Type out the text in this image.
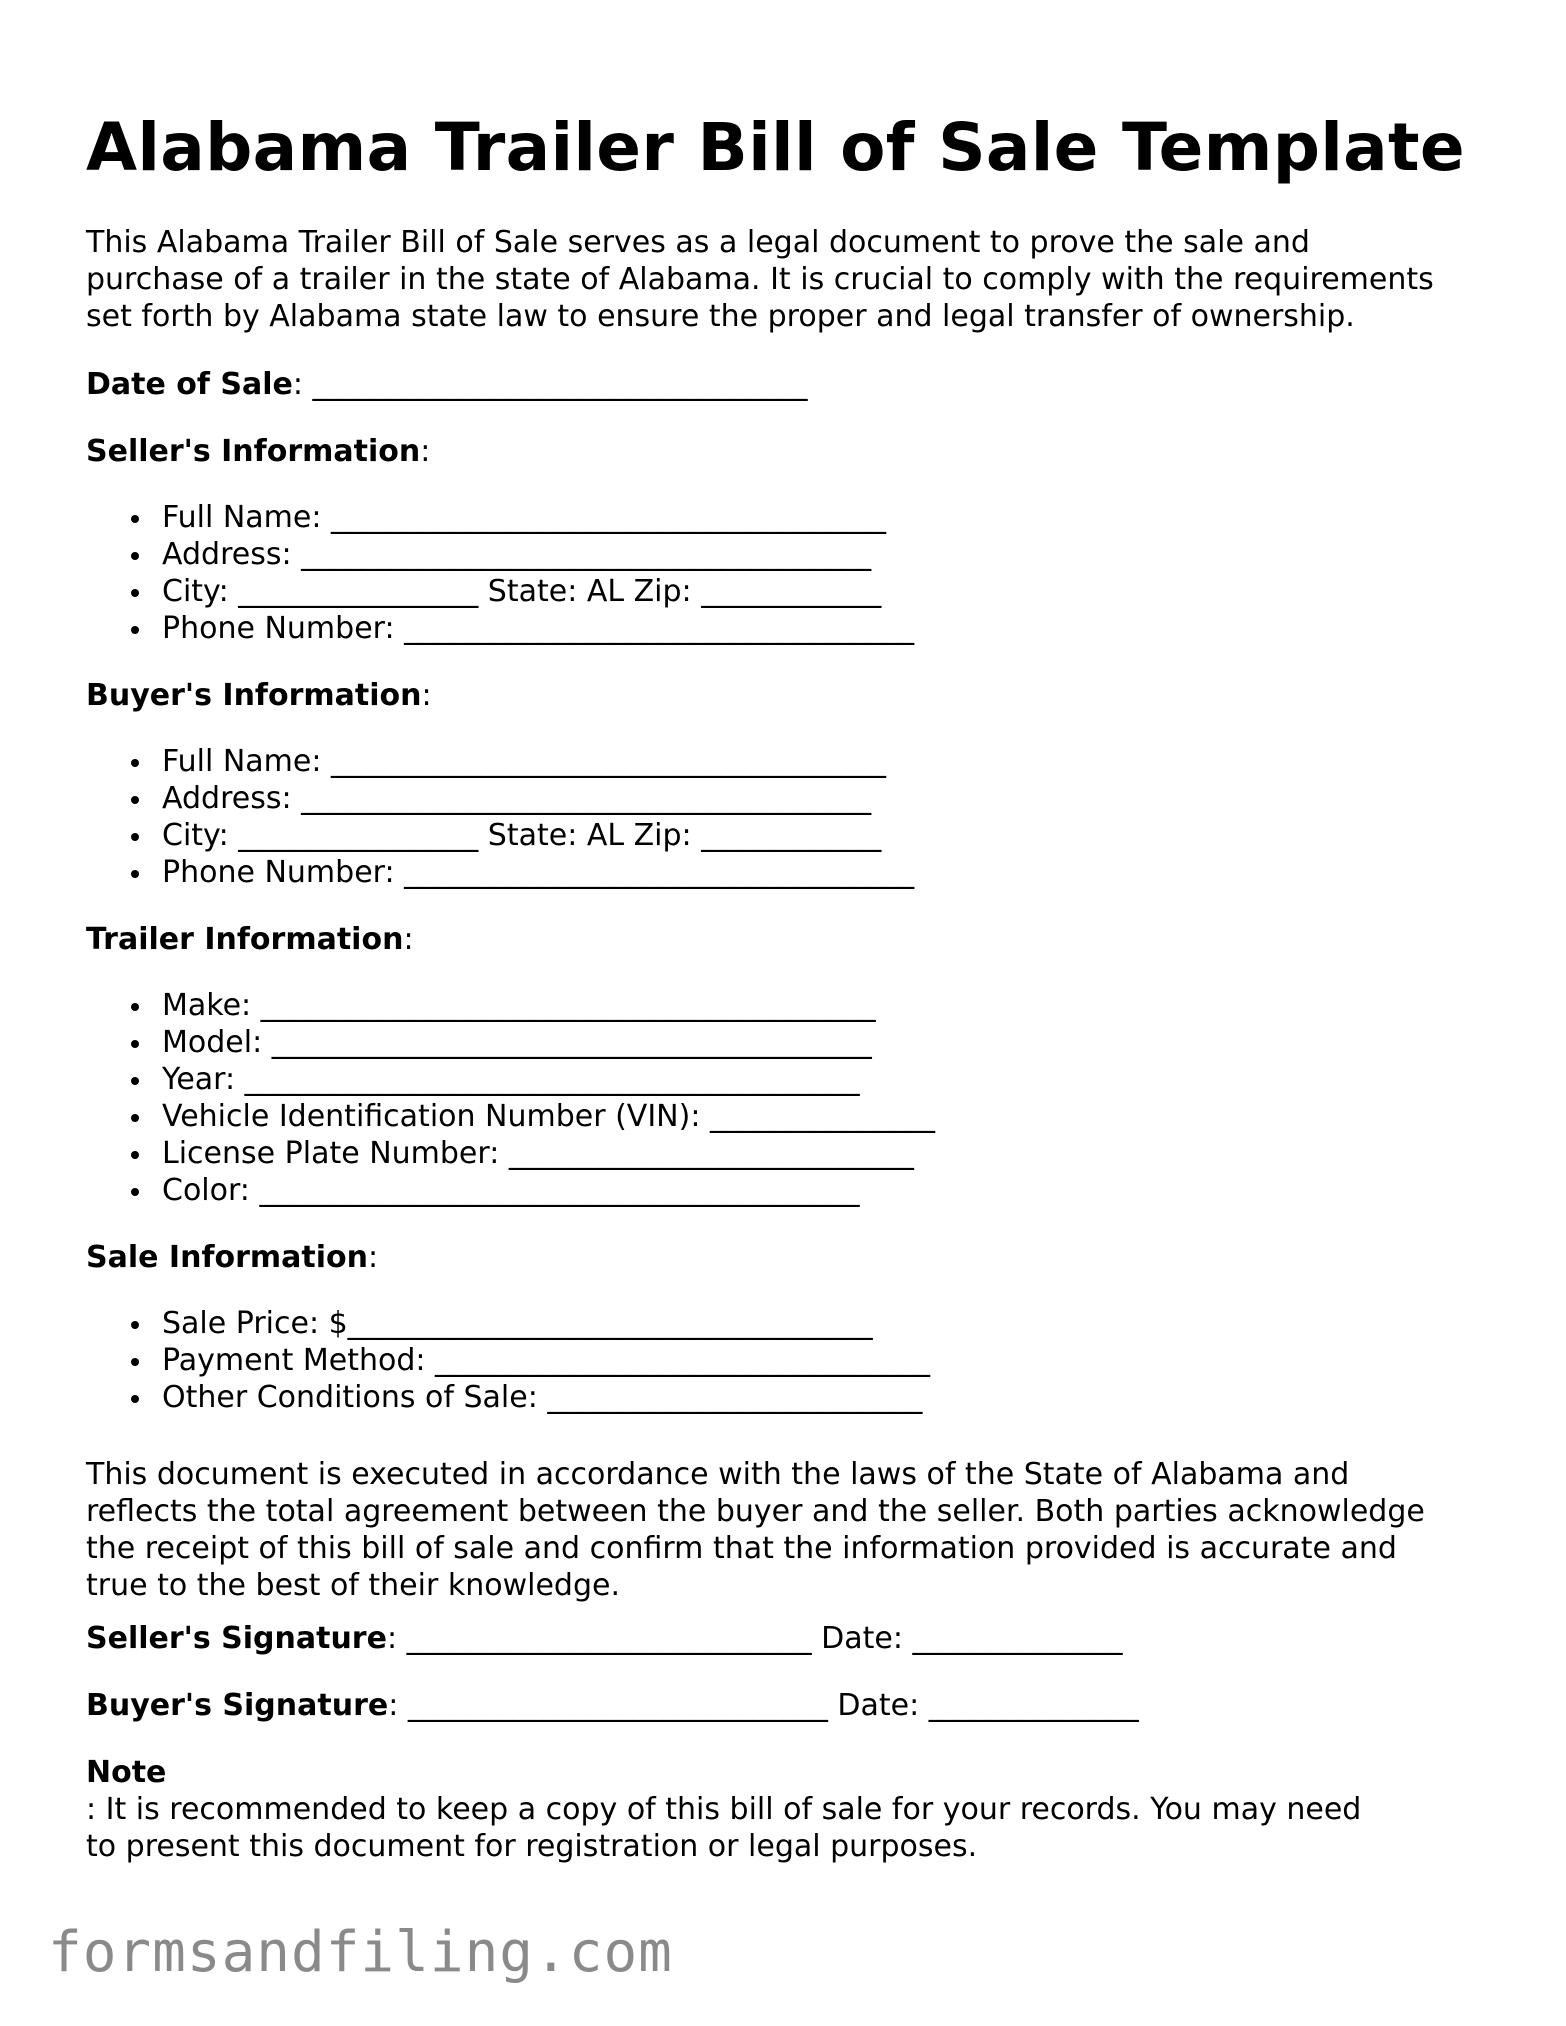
Alabama Trailer Bill of Sale Template

This Alabama Trailer Bill of Sale serves as a legal document to prove the sale and
purchase of a trailer in the state of Alabama. It is crucial to comply with the requirements
set forth by Alabama state law to ensure the proper and legal transfer of ownership.

Date of Sale: _________________________________

Seller's Information:

Full Name: _____________________________________
Address: ______________________________________
City: ________________ State: AL Zip: ____________
Phone Number: __________________________________

Buyer's Information:

Full Name: _____________________________________
Address: ______________________________________
City: ________________ State: AL Zip: ____________
Phone Number: __________________________________

Trailer Information:

Make: _________________________________________
Model: ________________________________________
Year: _________________________________________
Vehicle Identification Number (VIN): _______________
License Plate Number: ___________________________
Color: ________________________________________

Sale Information:

Sale Price: $___________________________________
Payment Method: _________________________________
Other Conditions of Sale: _________________________

This document is executed in accordance with the laws of the State of Alabama and
reflects the total agreement between the buyer and the seller. Both parties acknowledge
the receipt of this bill of sale and confirm that the information provided is accurate and
true to the best of their knowledge.

Seller's Signature: ___________________________ Date: ______________

Buyer's Signature: ____________________________ Date: ______________

Note
: It is recommended to keep a copy of this bill of sale for your records. You may need
to present this document for registration or legal purposes.

formsandfiling.com
